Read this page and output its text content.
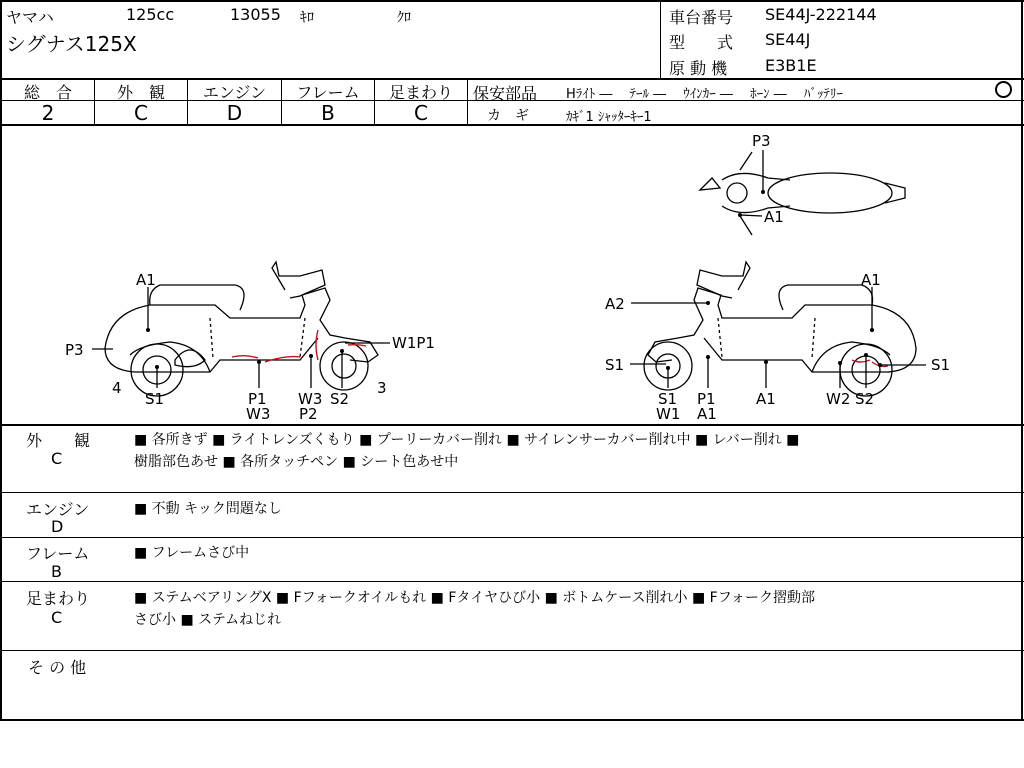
ヤマハ	125cc	13055 ｷﾛ	ｸﾛ
シグナス125X
車台番号 SE44J-222144
型　　式 SE44J
原 動 機 E3B1E
総　合
2
外　観
C
エンジン
D
フレーム
B
足まわり
C
保安部品 Hﾗｲﾄ ―　 ﾃｰﾙ ―　 ｳｲﾝｶｰ ―　 ﾎｰﾝ ―　 ﾊﾞｯﾃﾘｰ
カ　ギ	ｶｷﾞ1 ｼｬｯﾀｰｷｰ1
A1
P3	W1P1
4	3
S1	P1
W3
W3
P2
S2
P3
A1
A1
A2
S1	S1
S1
W1
P1
A1
A1	W2 S2
外　　観
C
■ 各所きず ■ ライトレンズくもり ■ プーリーカバー削れ ■ サイレンサーカバー削れ中 ■ レバー削れ ■
樹脂部色あせ ■ 各所タッチペン ■ シート色あせ中
エンジン
D
■ 不動 キック問題なし
フレーム
B
■ フレームさび中
足まわり
C
■ ステムベアリングX ■ Fフォークオイルもれ ■ Fタイヤひび小 ■ ボトムケース削れ小 ■ Fフォーク摺動部
さび小 ■ ステムねじれ
そ の 他
